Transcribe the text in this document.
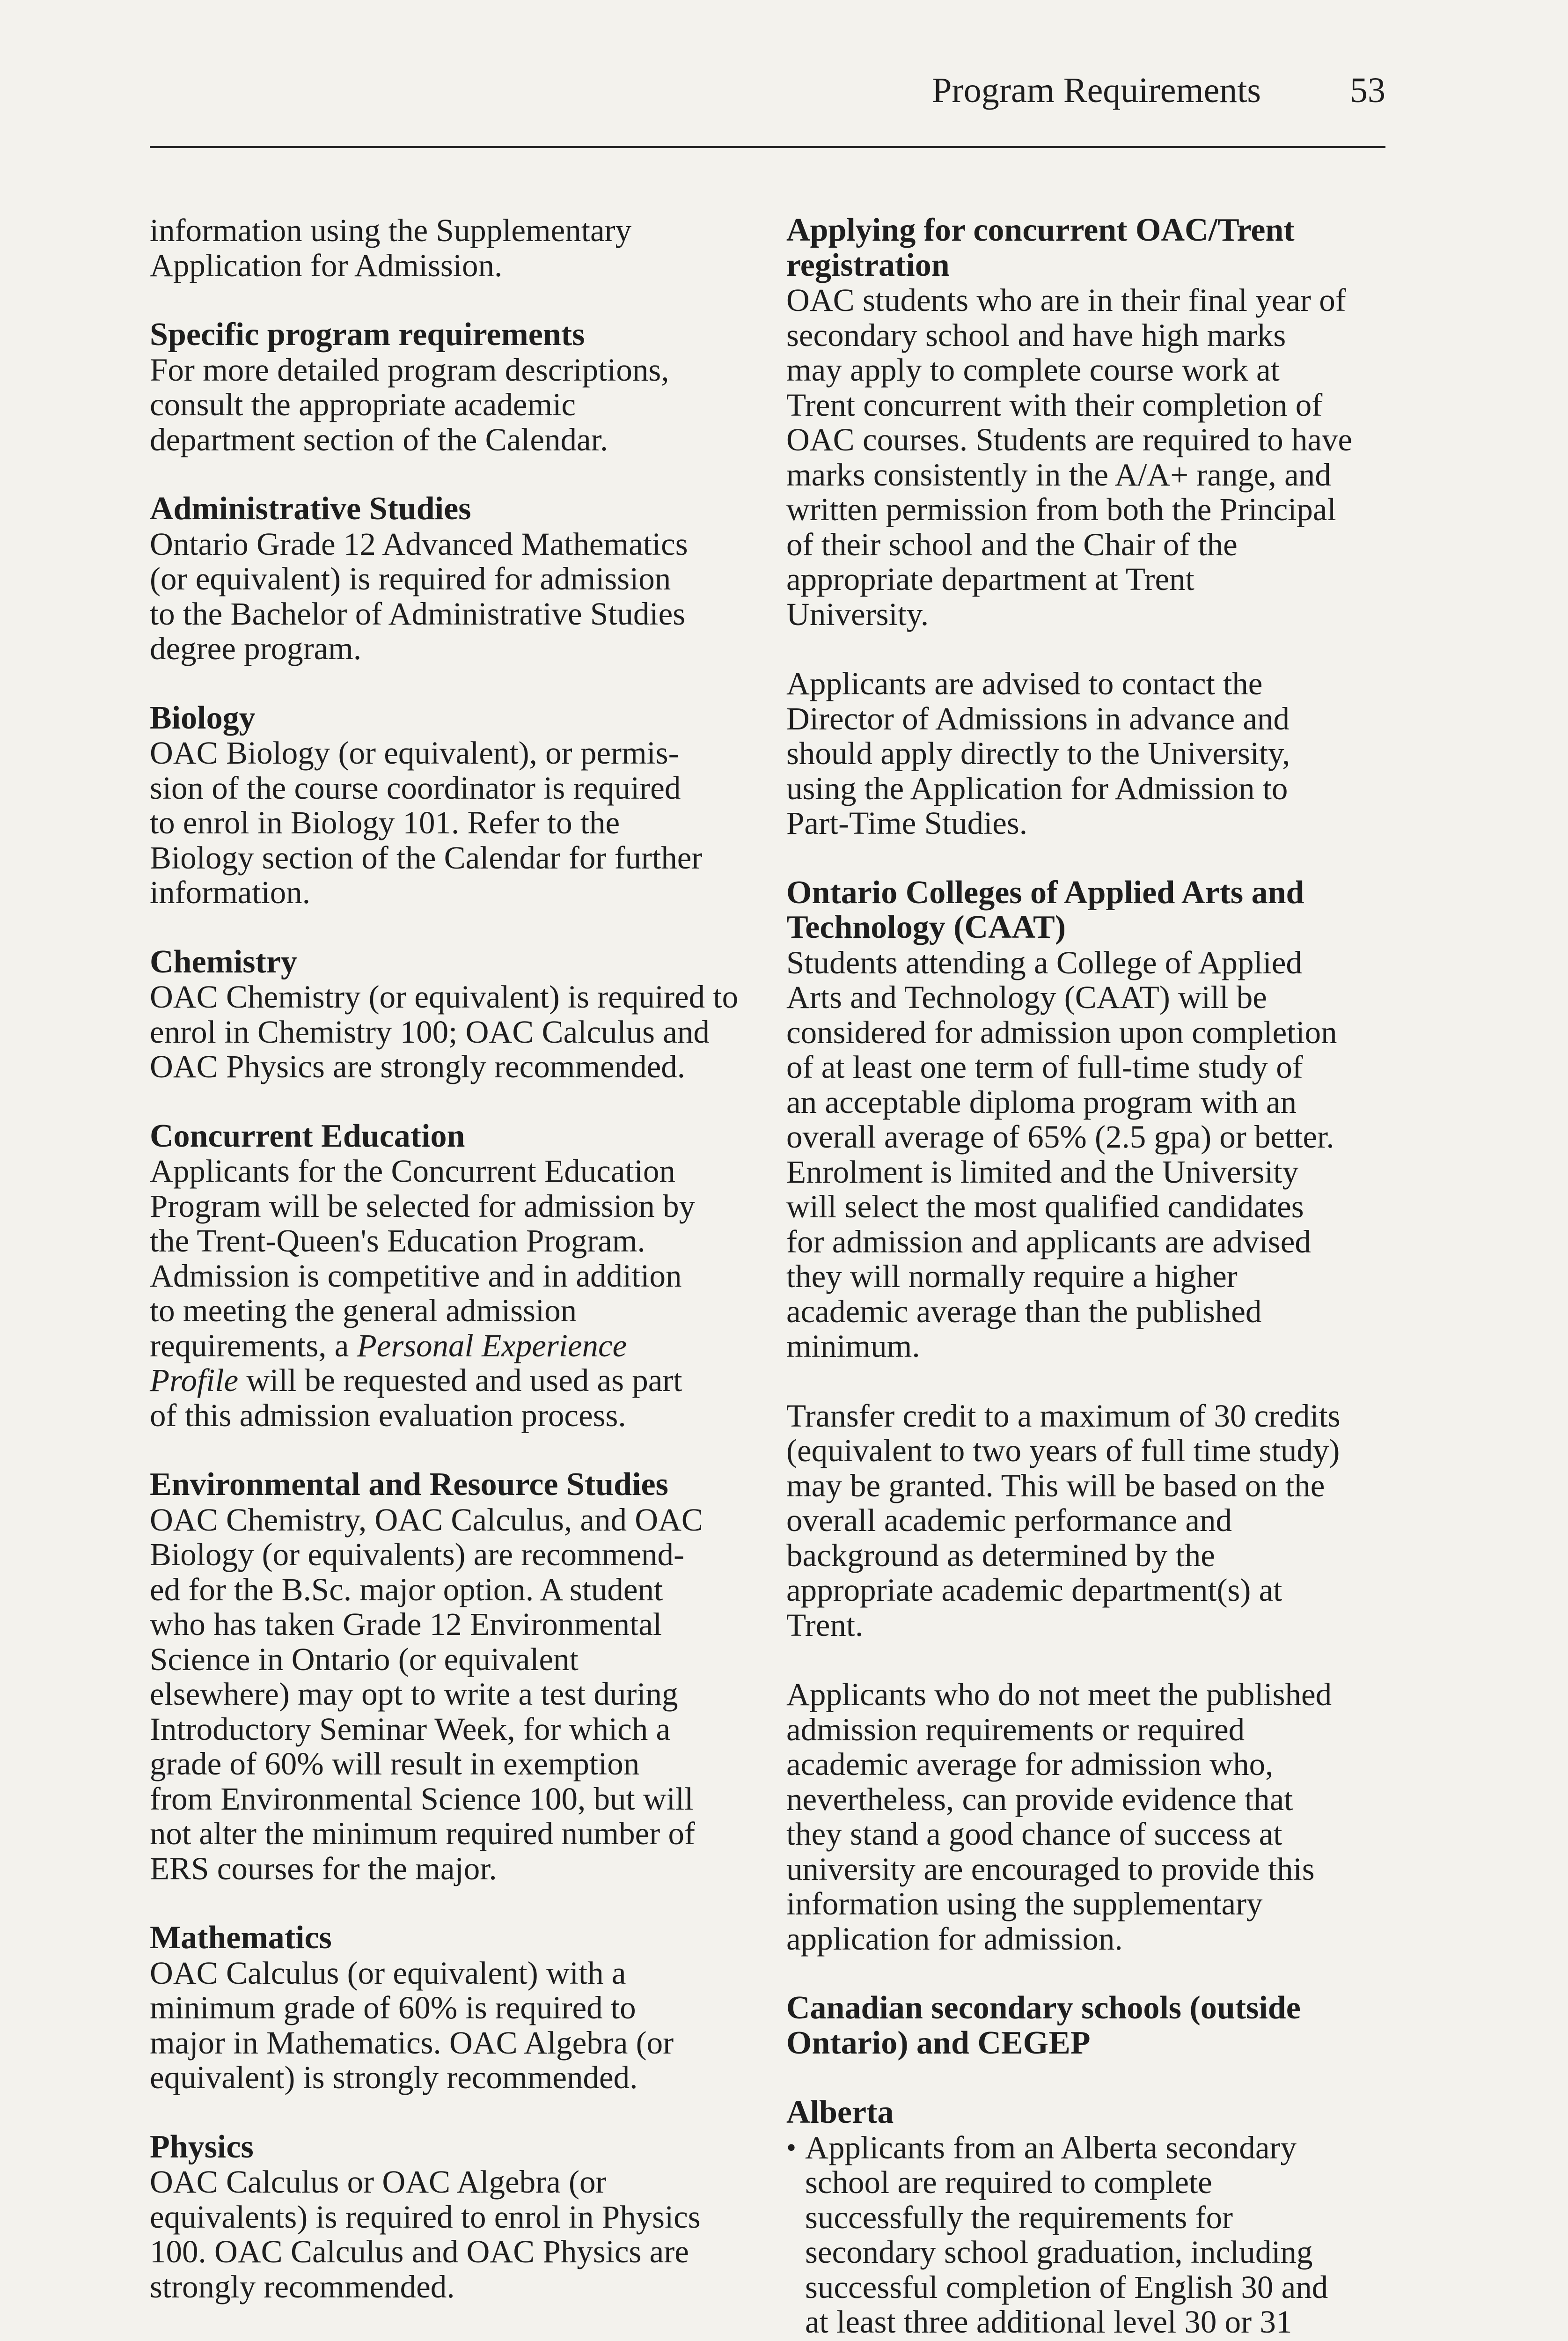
Program Requirements	53

information using the Supplementary
Application for Admission.

Specific program requirements

For more detailed program descriptions,
consult the appropriate academic
department section of the Calendar.

Administrative Studies

Ontario Grade 12 Advanced Mathematics
(or equivalent) is required for admission
to the Bachelor of Administrative Studies
degree program.

Biology

OAC Biology (or equivalent), or permis-
sion of the course coordinator is required
to enrol in Biology 101. Refer to the
Biology section of the Calendar for further
information.

Chemistry

OAC Chemistry (or equivalent) is required to
enrol in Chemistry 100; OAC Calculus and
OAC Physics are strongly recommended.

Concurrent Education

Applicants for the Concurrent Education
Program will be selected for admission by
the Trent-Queen's Education Program.
Admission is competitive and in addition
to meeting the general admission
requirements, a Personal Experience
Profile will be requested and used as part
of this admission evaluation process.

Environmental and Resource Studies

OAC Chemistry, OAC Calculus, and OAC
Biology (or equivalents) are recommend-
ed for the B.Sc. major option. A student
who has taken Grade 12 Environmental
Science in Ontario (or equivalent
elsewhere) may opt to write a test during
Introductory Seminar Week, for which a
grade of 60% will result in exemption
from Environmental Science 100, but will
not alter the minimum required number of
ERS courses for the major.

Mathematics

OAC Calculus (or equivalent) with a
minimum grade of 60% is required to
major in Mathematics. OAC Algebra (or
equivalent) is strongly recommended.

Physics

OAC Calculus or OAC Algebra (or
equivalents) is required to enrol in Physics
100. OAC Calculus and OAC Physics are
strongly recommended.

Applying for concurrent OAC/Trent
registration

OAC students who are in their final year of
secondary school and have high marks
may apply to complete course work at
Trent concurrent with their completion of
OAC courses. Students are required to have
marks consistently in the A/A+ range, and
written permission from both the Principal
of their school and the Chair of the
appropriate department at Trent
University.

Applicants are advised to contact the
Director of Admissions in advance and
should apply directly to the University,
using the Application for Admission to
Part-Time Studies.

Ontario Colleges of Applied Arts and
Technology (CAAT)

Students attending a College of Applied
Arts and Technology (CAAT) will be
considered for admission upon completion
of at least one term of full-time study of
an acceptable diploma program with an
overall average of 65% (2.5 gpa) or better.
Enrolment is limited and the University
will select the most qualified candidates
for admission and applicants are advised
they will normally require a higher
academic average than the published
minimum.

Transfer credit to a maximum of 30 credits
(equivalent to two years of full time study)
may be granted. This will be based on the
overall academic performance and
background as determined by the
appropriate academic department(s) at
Trent.

Applicants who do not meet the published
admission requirements or required
academic average for admission who,
nevertheless, can provide evidence that
they stand a good chance of success at
university are encouraged to provide this
information using the supplementary
application for admission.

Canadian secondary schools (outside
Ontario) and CEGEP

Alberta

• Applicants from an Alberta secondary
school are required to complete
successfully the requirements for
secondary school graduation, including
successful completion of English 30 and
at least three additional level 30 or 31
